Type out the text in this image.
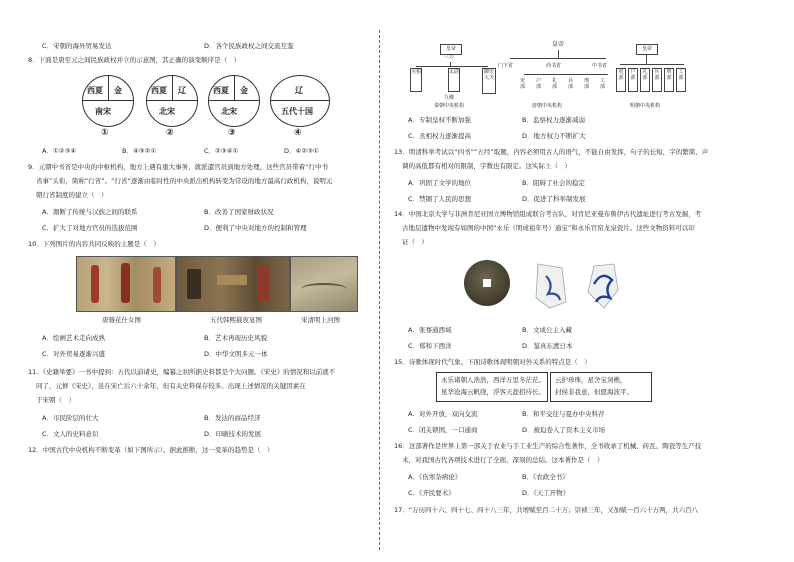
C．宋朝的海外贸易发达	D．各个民族政权之间交流互鉴
8．下面是唐至元之间民族政权并立的示意图，其正确的演变顺序是（　）
西夏 金
南宋
①
西夏 辽
北宋
②
西夏 金
北宋
③
辽
五代十国
④
A．①②③④	B．④③②①	C．②③④①	D．④②③①
9．元朝中书省是中央的中枢机构，地方上遇有重大事务，就派遣官员到地方处理，这些官员带着“行中书
省事”头衔，简称“行省”。“行省”逐渐由临时性的中央派出机构转变为常设的地方最高行政机构，说明元
朝行省制度的建立（　）
A．割断了传统与汉族之间的联系	B．改善了国家财政状况
C．扩大了对地方官员的选拔范围	D．便利了中央对地方的控制和管理
10．下列图片的内容共同反映的主题是（　）
唐簪花仕女图	五代韩熙载夜宴图	宋清明上河图
A．绘画艺术走向成熟	B．艺术再现历史风貌
C．对外贸易逐渐兴盛	D．中华文明多元一体
11．《史籍举要》一书中提到：五代以前诸史，编纂之初所据史料都是个大问题。《宋史》的情况和以前就不
同了，元修《宋史》，虽在宋亡后六十余年，但有关史料保存较多。出现上述情况的关键因素在
于宋朝（　）
A．市民阶层的壮大	B．发达的商品经济
C．文人的史料意识	D．印刷技术的发展
12．中国古代中央机构不断变革（如下图所示）。据此推断，这一变革的趋势是（　）
皇帝
三公
丞相	太尉	御史大夫
九卿
秦朝中央机构
皇帝
门下省	尚书省	中书省
吏部
户部
礼部
兵部
刑部
工部
唐朝中央机构
皇帝
吏部
户部
礼部
兵部
刑部
工部
明朝中央机构
A．专制皇权不断加强	B．监察权力逐渐减弱
C．丞相权力逐渐提高	D．地方权力不断扩大
13．明清科举考试以“四书”“五经”取题，内容必须用古人的语气，不能自由发挥，句子的长短，字的繁简、声
调的高低都有相对的限制，字数也有限定。这实际上（　）
A．巩固了文学的地位	B．阻碍了社会的稳定
C．禁锢了人民的思想	D．促进了科举制发展
14．中国北京大学与非洲肯尼亚国立博物馆组成联合考古队，对肯尼亚曼布鲁伊古代遗址进行考古发掘，考
古地层遗物中发现有如图的中国“永乐（明成祖年号）通宝”和永乐官窑龙泉瓷片。这些文物资料可以印
证（　）
A．张骞通西域	B．文成公主入藏
C．郑和下西洋	D．鉴真东渡日本
15．诗歌体现时代气象。下面诗歌体现明朝对外关系的特点是（　）
永乐诸朝人浩浩，西洋万里冬茫茫。
星华沧海云帆绕，浮客天涯招待长。
云护珍珠，星舍宝剑樵，
封侯非我意，但愿海波平。
A．对外开放，双向交流	B．和平交往与夏办中央科荐
C．闭关锁国，一口通商	D．被迫卷入了资本主义市场
16．这部著作是世界上第一部关于农业与手工业生产的综合性著作，全书收录了机械、砖瓦、陶瓷等生产技
术，对我国古代各项技术进行了全面、深刻的总结。这本著作是（　）
A．《伤寒杂病论》	B．《农政全书》
C．《齐民要术》	D．《天工开物》
17．“万历四十六、四十七、四十八三年，共增赋至百二十万；崇祯三年，又加赋一百六十万两，共六百八
